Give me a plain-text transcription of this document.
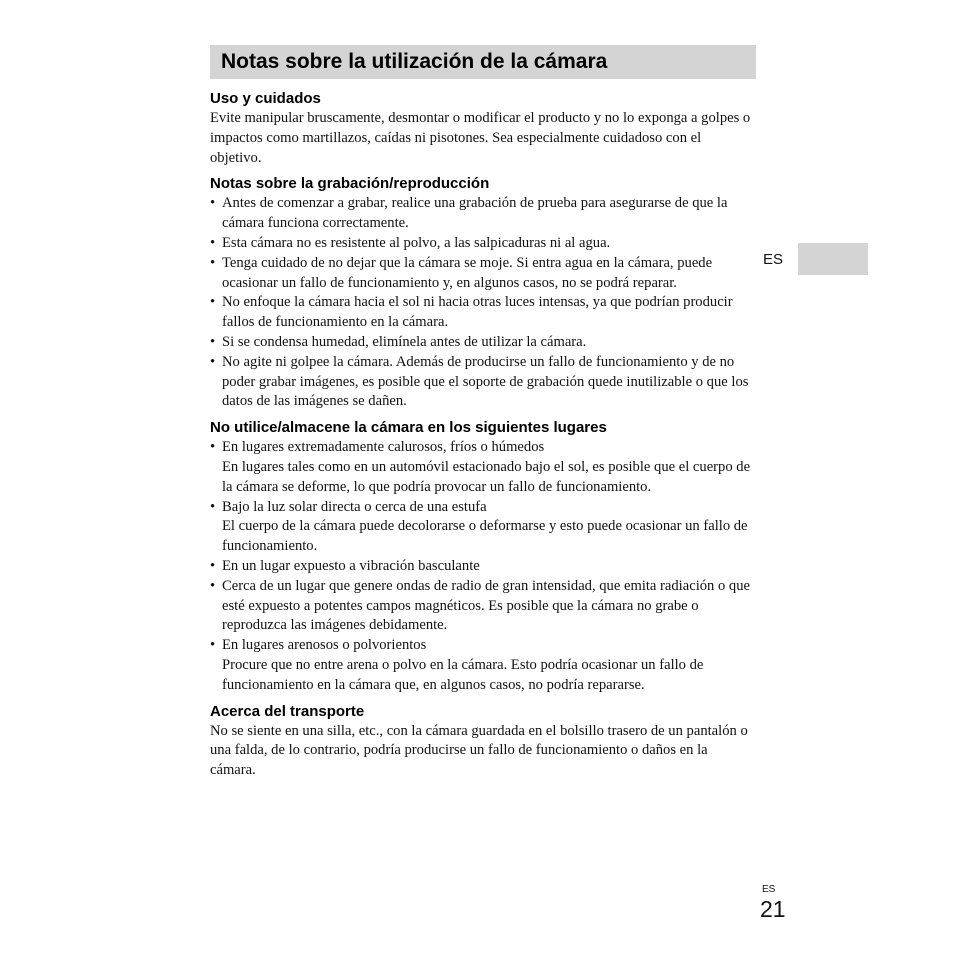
Notas sobre la utilización de la cámara
Uso y cuidados

Evite manipular bruscamente, desmontar o modificar el producto y no lo exponga a golpes o impactos como martillazos, caídas ni pisotones. Sea especialmente cuidadoso con el objetivo.

Notas sobre la grabación/reproducción
• Antes de comenzar a grabar, realice una grabación de prueba para asegurarse de que la cámara funciona correctamente.
• Esta cámara no es resistente al polvo, a las salpicaduras ni al agua.
• Tenga cuidado de no dejar que la cámara se moje. Si entra agua en la cámara, puede ocasionar un fallo de funcionamiento y, en algunos casos, no se podrá reparar.
• No enfoque la cámara hacia el sol ni hacia otras luces intensas, ya que podrían producir fallos de funcionamiento en la cámara.
• Si se condensa humedad, elimínela antes de utilizar la cámara.
• No agite ni golpee la cámara. Además de producirse un fallo de funcionamiento y de no poder grabar imágenes, es posible que el soporte de grabación quede inutilizable o que los datos de las imágenes se dañen.
No utilice/almacene la cámara en los siguientes lugares
• En lugares extremadamente calurosos, fríos o húmedos
En lugares tales como en un automóvil estacionado bajo el sol, es posible que el cuerpo de la cámara se deforme, lo que podría provocar un fallo de funcionamiento.
• Bajo la luz solar directa o cerca de una estufa
El cuerpo de la cámara puede decolorarse o deformarse y esto puede ocasionar un fallo de funcionamiento.
• En un lugar expuesto a vibración basculante
• Cerca de un lugar que genere ondas de radio de gran intensidad, que emita radiación o que esté expuesto a potentes campos magnéticos. Es posible que la cámara no grabe o reproduzca las imágenes debidamente.
• En lugares arenosos o polvorientos
Procure que no entre arena o polvo en la cámara. Esto podría ocasionar un fallo de funcionamiento en la cámara que, en algunos casos, no podría repararse.
Acerca del transporte

No se siente en una silla, etc., con la cámara guardada en el bolsillo trasero de un pantalón o una falda, de lo contrario, podría producirse un fallo de funcionamiento o daños en la cámara.

ES
ES
21
